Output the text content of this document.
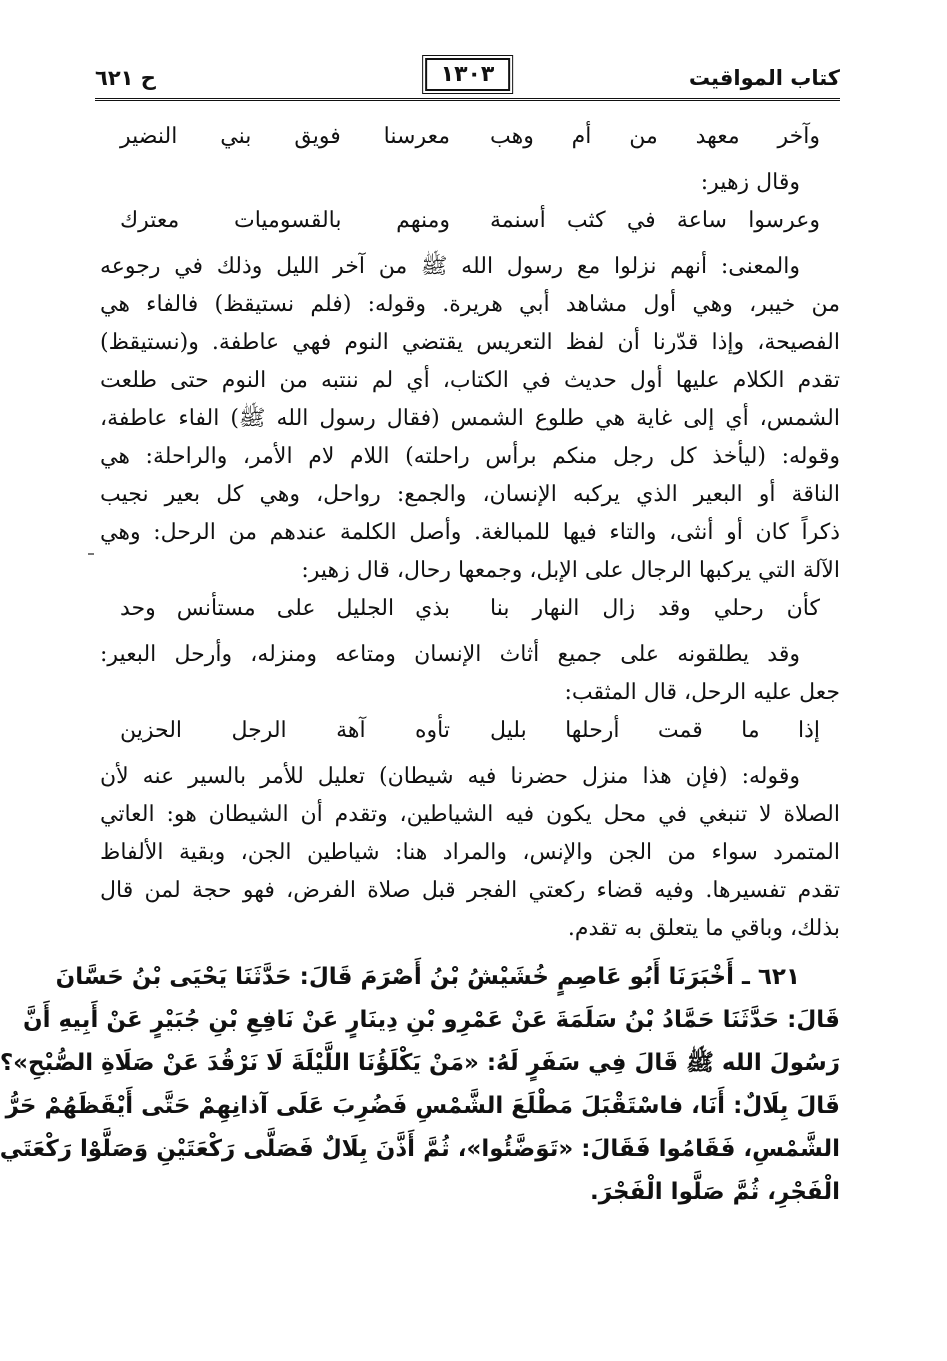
كتاب المواقيت
١٣٠٣
ح ٦٢١
وآخر معهد من أم وهب
معرسنا فويق بني النضير
وقال زهير:
وعرسوا ساعة في كثب أسنمة
ومنهم بالقسوميات معترك
والمعنى: أنهم نزلوا مع رسول الله ﷺ من آخر الليل وذلك في رجوعه
من خيبر، وهي أول مشاهد أبي هريرة. وقوله: (فلم نستيقظ) فالفاء هي
الفصيحة، وإذا قدّرنا أن لفظ التعريس يقتضي النوم فهي عاطفة. و(نستيقظ)
تقدم الكلام عليها أول حديث في الكتاب، أي لم ننتبه من النوم حتى طلعت
الشمس، أي إلى غاية هي طلوع الشمس (فقال رسول الله ﷺ) الفاء عاطفة،
وقوله: (ليأخذ كل رجل منكم برأس راحلته) اللام لام الأمر، والراحلة: هي
الناقة أو البعير الذي يركبه الإنسان، والجمع: رواحل، وهي كل بعير نجيب
ذكراً كان أو أنثى، والتاء فيها للمبالغة. وأصل الكلمة عندهم من الرحل: وهي
الآلة التي يركبها الرجال على الإبل، وجمعها رحال، قال زهير:
كأن رحلي وقد زال النهار بنا
بذي الجليل على مستأنس وحد
وقد يطلقونه على جميع أثاث الإنسان ومتاعه ومنزله، وأرحل البعير:
جعل عليه الرحل، قال المثقب:
إذا ما قمت أرحلها بليل
تأوه آهة الرجل الحزين
وقوله: (فإن هذا منزل حضرنا فيه شيطان) تعليل للأمر بالسير عنه لأن
الصلاة لا تنبغي في محل يكون فيه الشياطين، وتقدم أن الشيطان هو: العاتي
المتمرد سواء من الجن والإنس، والمراد هنا: شياطين الجن، وبقية الألفاظ
تقدم تفسيرها. وفيه قضاء ركعتي الفجر قبل صلاة الفرض، فهو حجة لمن قال
بذلك، وباقي ما يتعلق به تقدم.
٦٢١ ـ أَخْبَرَنَا أَبُو عَاصِمٍ خُشَيْشُ بْنُ أَصْرَمَ قَالَ: حَدَّثَنَا يَحْيَى بْنُ حَسَّانَ
قَالَ: حَدَّثَنَا حَمَّادُ بْنُ سَلَمَةَ عَنْ عَمْرِو بْنِ دِينَارٍ عَنْ نَافِعِ بْنِ جُبَيْرٍ عَنْ أَبِيهِ أَنَّ
رَسُولَ الله ﷺ قَالَ فِي سَفَرٍ لَهُ: «مَنْ يَكْلَؤُنَا اللَّيْلَةَ لَا نَرْقُدَ عَنْ صَلَاةِ الصُّبْحِ»؟
قَالَ بِلَالٌ: أَنَا، فاسْتَقْبَلَ مَطْلَعَ الشَّمْسِ فَضُرِبَ عَلَى آذانِهِمْ حَتَّى أَيْقَظَهُمْ حَرُّ
الشَّمْسِ، فَقَامُوا فَقَالَ: «تَوَضَّئُوا»، ثُمَّ أَذَّنَ بِلَالٌ فَصَلَّى رَكْعَتَيْنِ وَصَلَّوْا رَكْعَتَي
الْفَجْرِ، ثُمَّ صَلَّوا الْفَجْرَ.
